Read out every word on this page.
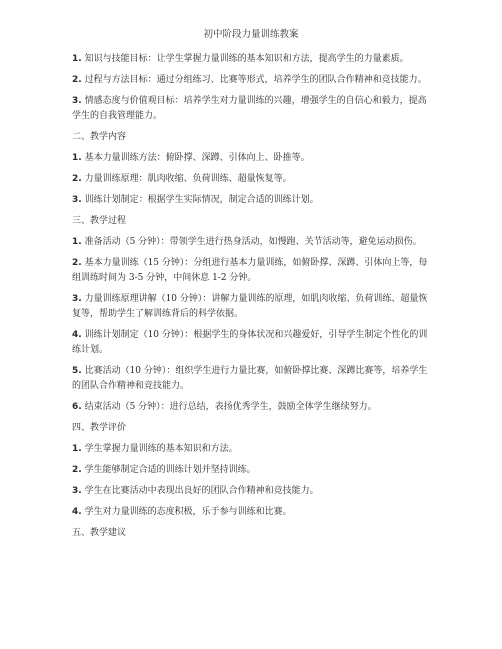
初中阶段力量训练教案

1. 知识与技能目标：让学生掌握力量训练的基本知识和方法，提高学生的力量素质。

2. 过程与方法目标：通过分组练习、比赛等形式，培养学生的团队合作精神和竞技能力。

3. 情感态度与价值观目标：培养学生对力量训练的兴趣，增强学生的自信心和毅力，提高学生的自我管理能力。

二、教学内容

1. 基本力量训练方法：俯卧撑、深蹲、引体向上、卧推等。

2. 力量训练原理：肌肉收缩、负荷训练、超量恢复等。

3. 训练计划制定：根据学生实际情况，制定合适的训练计划。

三、教学过程

1. 准备活动（5 分钟）：带领学生进行热身活动，如慢跑、关节活动等，避免运动损伤。

2. 基本力量训练（15 分钟）：分组进行基本力量训练，如俯卧撑、深蹲、引体向上等，每组训练时间为 3-5 分钟，中间休息 1-2 分钟。

3. 力量训练原理讲解（10 分钟）：讲解力量训练的原理，如肌肉收缩、负荷训练、超量恢复等，帮助学生了解训练背后的科学依据。

4. 训练计划制定（10 分钟）：根据学生的身体状况和兴趣爱好，引导学生制定个性化的训练计划。

5. 比赛活动（10 分钟）：组织学生进行力量比赛，如俯卧撑比赛、深蹲比赛等，培养学生的团队合作精神和竞技能力。

6. 结束活动（5 分钟）：进行总结，表扬优秀学生，鼓励全体学生继续努力。

四、教学评价

1. 学生掌握力量训练的基本知识和方法。

2. 学生能够制定合适的训练计划并坚持训练。

3. 学生在比赛活动中表现出良好的团队合作精神和竞技能力。

4. 学生对力量训练的态度积极，乐于参与训练和比赛。

五、教学建议
